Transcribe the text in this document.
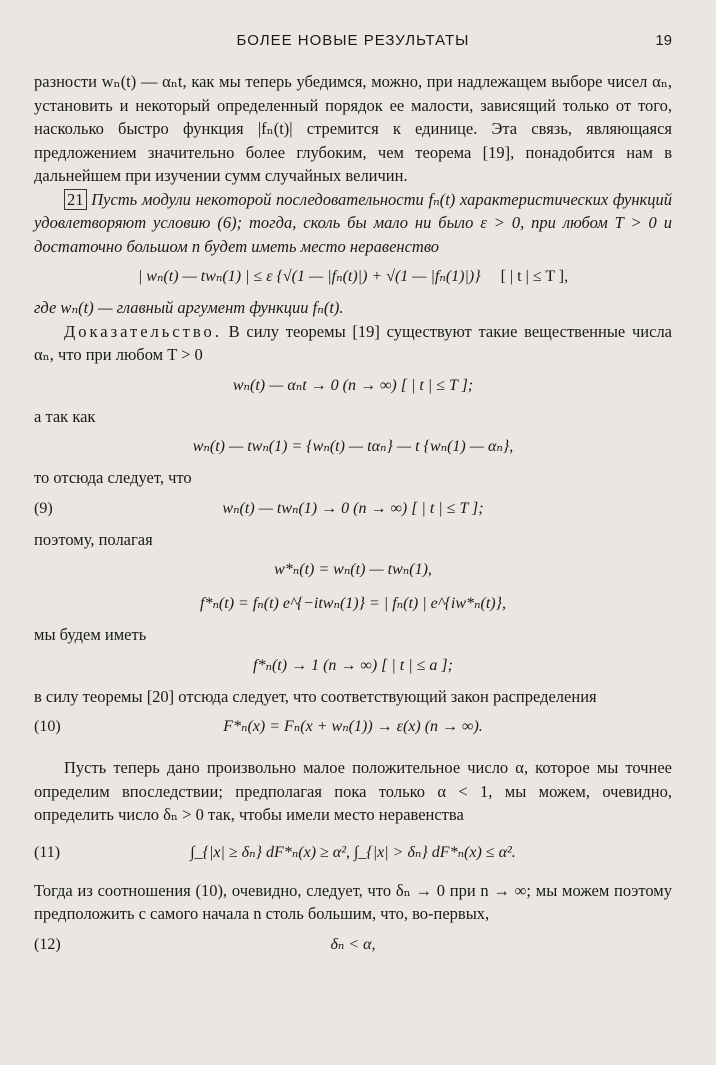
БОЛЕЕ НОВЫЕ РЕЗУЛЬТАТЫ	19

разности wₙ(t) — αₙt, как мы теперь убедимся, можно, при надлежащем выборе чисел αₙ, установить и некоторый определенный порядок ее малости, зависящий только от того, насколько быстро функция |fₙ(t)| стремится к единице. Эта связь, являющаяся предложением значительно более глубоким, чем теорема [19], понадобится нам в дальнейшем при изучении сумм случайных величин.

21 Пусть модули некоторой последовательности fₙ(t) характеристических функций удовлетворяют условию (6); тогда, сколь бы мало ни было ε > 0, при любом T > 0 и достаточно большом n будет иметь место неравенство

| wₙ(t) — twₙ(1) | ≤ ε {√(1 — |fₙ(t)|) + √(1 — |fₙ(1)|)} [ | t | ≤ T ],

где wₙ(t) — главный аргумент функции fₙ(t).

Доказательство. В силу теоремы [19] существуют такие вещественные числа αₙ, что при любом T > 0

wₙ(t) — αₙt → 0 (n → ∞) [ | t | ≤ T ];

а так как

wₙ(t) — twₙ(1) = {wₙ(t) — tαₙ} — t {wₙ(1) — αₙ},

то отсюда следует, что

(9)	wₙ(t) — twₙ(1) → 0 (n → ∞) [ | t | ≤ T ];

поэтому, полагая

w*ₙ(t) = wₙ(t) — twₙ(1),
f*ₙ(t) = fₙ(t) e^{−itwₙ(1)} = | fₙ(t) | e^{iw*ₙ(t)},

мы будем иметь

f*ₙ(t) → 1 (n → ∞) [ | t | ≤ a ];

в силу теоремы [20] отсюда следует, что соответствующий закон распределения

(10)	F*ₙ(x) = Fₙ(x + wₙ(1)) → ε(x) (n → ∞).

Пусть теперь дано произвольно малое положительное число α, которое мы точнее определим впоследствии; предполагая пока только α < 1, мы можем, очевидно, определить число δₙ > 0 так, чтобы имели место неравенства

(11)	∫_{|x| ≥ δₙ} dF*ₙ(x) ≥ α², ∫_{|x| > δₙ} dF*ₙ(x) ≤ α².

Тогда из соотношения (10), очевидно, следует, что δₙ → 0 при n → ∞; мы можем поэтому предположить с самого начала n столь большим, что, во-первых,

(12)	δₙ < α,
